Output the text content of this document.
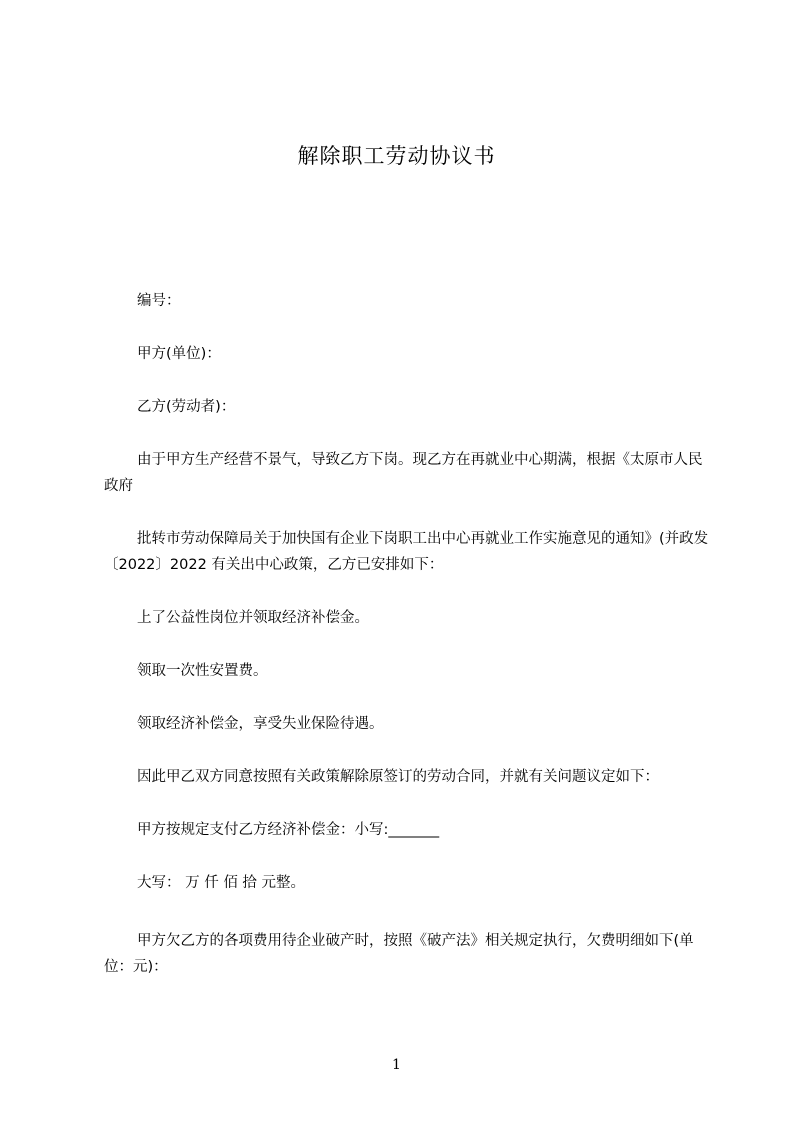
解除职工劳动协议书
编号：
甲方(单位)：
乙方(劳动者)：
由于甲方生产经营不景气，导致乙方下岗。现乙方在再就业中心期满，根据《太原市人民政府
批转市劳动保障局关于加快国有企业下岗职工出中心再就业工作实施意见的通知》(并政发〔2022〕2022 有关出中心政策，乙方已安排如下：
上了公益性岗位并领取经济补偿金。
领取一次性安置费。
领取经济补偿金，享受失业保险待遇。
因此甲乙双方同意按照有关政策解除原签订的劳动合同，并就有关问题议定如下：
甲方按规定支付乙方经济补偿金：小写:_______
大写： 万 仟 佰 拾 元整。
甲方欠乙方的各项费用待企业破产时，按照《破产法》相关规定执行，欠费明细如下(单位：元)：
1
